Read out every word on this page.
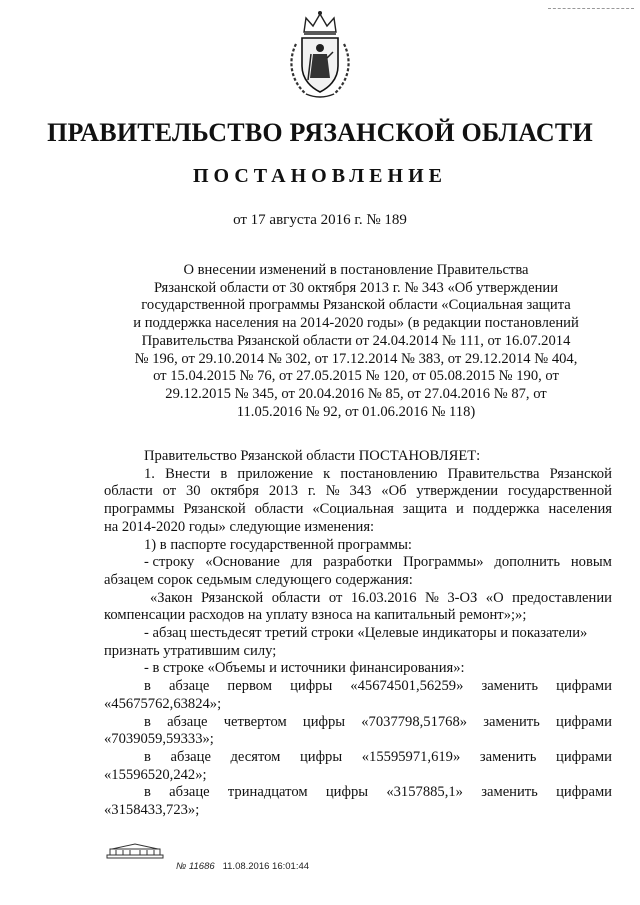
ПРАВИТЕЛЬСТВО РЯЗАНСКОЙ ОБЛАСТИ
ПОСТАНОВЛЕНИЕ
от 17 августа 2016 г. № 189
О внесении изменений в постановление Правительства
Рязанской области от 30 октября 2013 г. № 343 «Об утверждении
государственной программы Рязанской области «Социальная защита
и поддержка населения на 2014-2020 годы» (в редакции постановлений
Правительства Рязанской области от 24.04.2014 № 111, от 16.07.2014
№ 196, от 29.10.2014 № 302, от 17.12.2014 № 383, от 29.12.2014 № 404,
от 15.04.2015 № 76, от 27.05.2015 № 120, от 05.08.2015 № 190, от
29.12.2015 № 345, от 20.04.2016 № 85, от 27.04.2016 № 87, от
11.05.2016 № 92, от 01.06.2016 № 118)
Правительство Рязанской области ПОСТАНОВЛЯЕТ:
1. Внести в приложение к постановлению Правительства Рязанской
области от 30 октября 2013 г. № 343 «Об утверждении государственной
программы Рязанской области «Социальная защита и поддержка населения
на 2014-2020 годы» следующие изменения:
1) в паспорте государственной программы:
- строку «Основание для разработки Программы» дополнить новым
абзацем сорок седьмым следующего содержания:
«Закон Рязанской области от 16.03.2016 № 3-ОЗ «О предоставлении
компенсации расходов на уплату взноса на капитальный ремонт»;»;
- абзац шестьдесят третий строки «Целевые индикаторы и показатели»
признать утратившим силу;
- в строке «Объемы и источники финансирования»:
в абзаце первом цифры «45674501,56259» заменить цифрами
«45675762,63824»;
в абзаце четвертом цифры «7037798,51768» заменить цифрами
«7039059,59333»;
в абзаце десятом цифры «15595971,619» заменить цифрами
«15596520,242»;
в абзаце тринадцатом цифры «3157885,1» заменить цифрами
«3158433,723»;
№ 11686 11.08.2016 16:01:44
